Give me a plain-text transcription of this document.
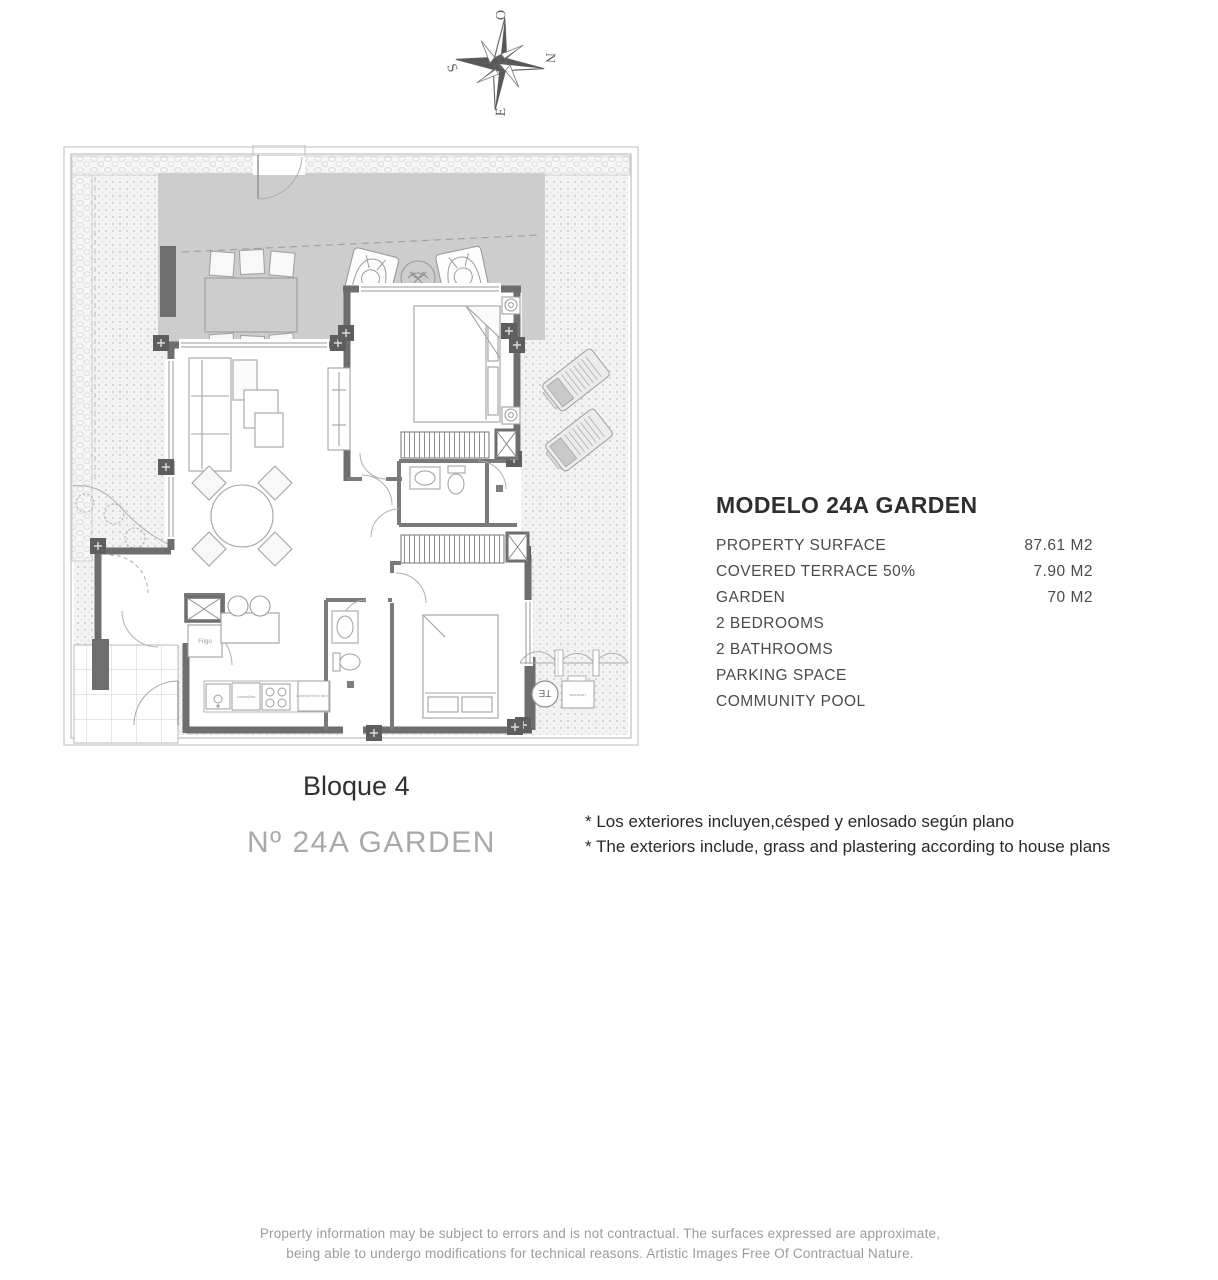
O
N
E
S
Frigo
Lavavajillas	Columna Horno Micro.	TE	Lavadora
MODELO 24A GARDEN
PROPERTY SURFACE	87.61 M2
COVERED TERRACE 50%	7.90 M2
GARDEN	70 M2
2 BEDROOMS
2 BATHROOMS
PARKING SPACE
COMMUNITY POOL
Bloque 4
Nº 24A GARDEN
* Los exteriores incluyen,césped y enlosado según plano
* The exteriors include, grass and plastering according to house plans
Property information may be subject to errors and is not contractual. The surfaces expressed are approximate,
being able to undergo modifications for technical reasons. Artistic Images Free Of Contractual Nature.
